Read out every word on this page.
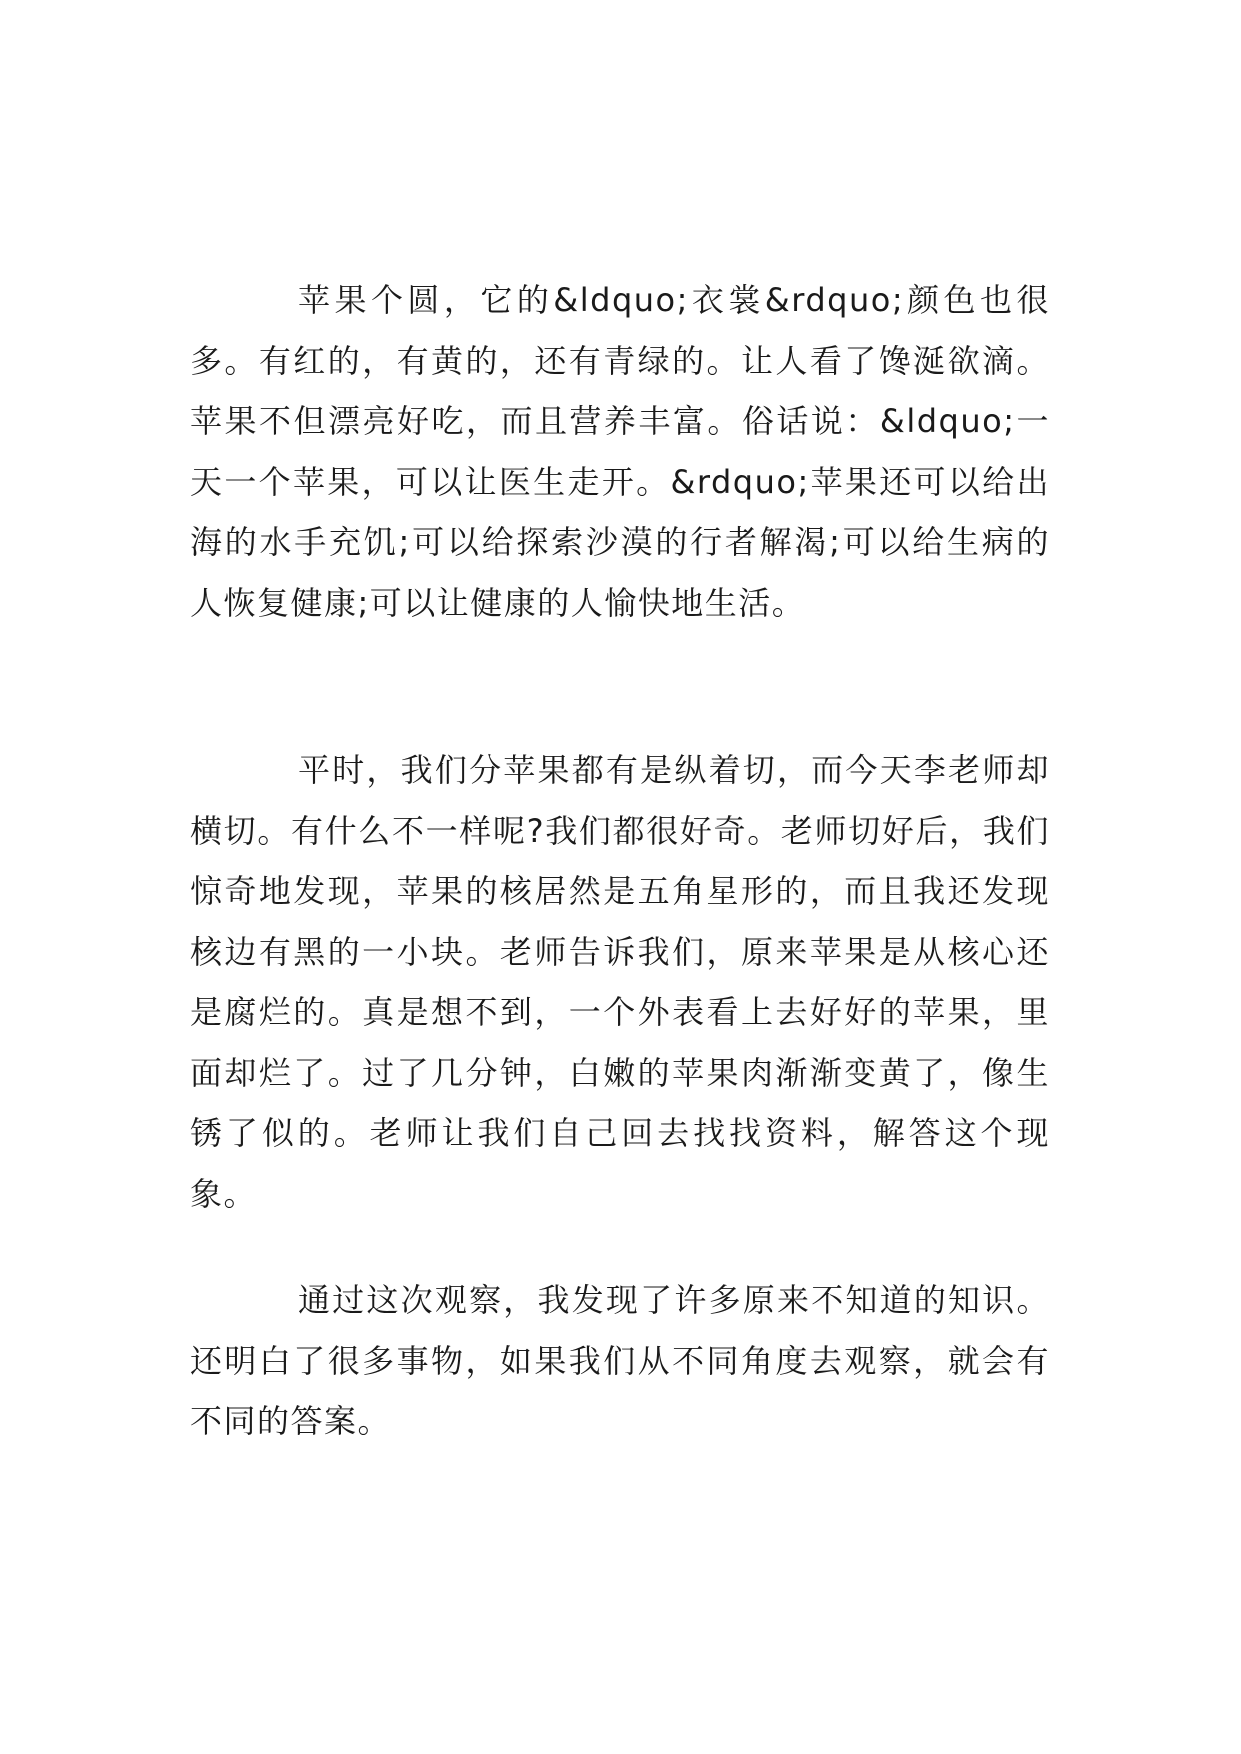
苹果个圆，它的&ldquo;衣裳&rdquo;颜色也很多。有红的，有黄的，还有青绿的。让人看了馋涎欲滴。苹果不但漂亮好吃，而且营养丰富。俗话说：&ldquo;一天一个苹果，可以让医生走开。&rdquo;苹果还可以给出海的水手充饥;可以给探索沙漠的行者解渴;可以给生病的人恢复健康;可以让健康的人愉快地生活。

平时，我们分苹果都有是纵着切，而今天李老师却横切。有什么不一样呢?我们都很好奇。老师切好后，我们惊奇地发现，苹果的核居然是五角星形的，而且我还发现核边有黑的一小块。老师告诉我们，原来苹果是从核心还是腐烂的。真是想不到，一个外表看上去好好的苹果，里面却烂了。过了几分钟，白嫩的苹果肉渐渐变黄了，像生锈了似的。老师让我们自己回去找找资料，解答这个现象。

通过这次观察，我发现了许多原来不知道的知识。还明白了很多事物，如果我们从不同角度去观察，就会有不同的答案。
